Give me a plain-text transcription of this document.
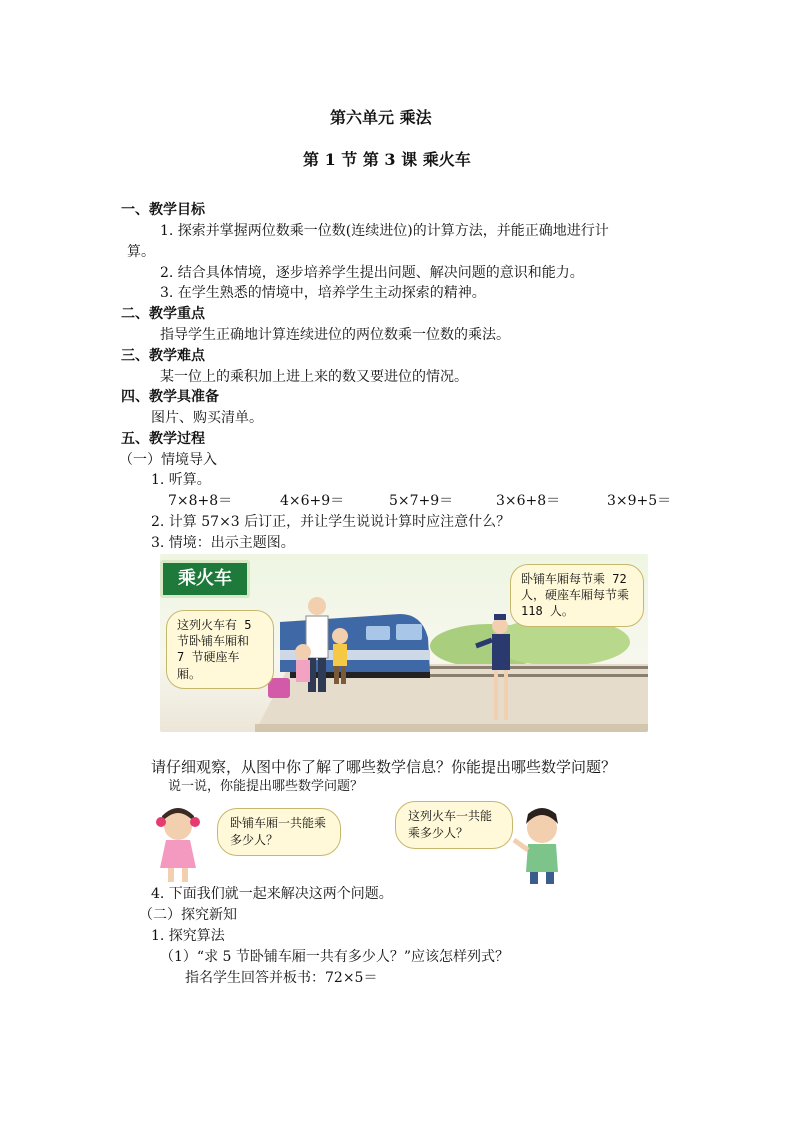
第六单元 乘法
第 1 节 第 3 课 乘火车
一、教学目标
1. 探索并掌握两位数乘一位数(连续进位)的计算方法，并能正确地进行计
算。
2. 结合具体情境，逐步培养学生提出问题、解决问题的意识和能力。
3. 在学生熟悉的情境中，培养学生主动探索的精神。
二、教学重点
指导学生正确地计算连续进位的两位数乘一位数的乘法。
三、教学难点
某一位上的乘积加上进上来的数又要进位的情况。
四、教学具准备
图片、购买清单。
五、教学过程
（一）情境导入
1. 听算。
7×8+8＝	4×6+9＝	5×7+9＝	3×6+8＝	3×9+5＝
2. 计算 57×3 后订正，并让学生说说计算时应注意什么？
3. 情境：出示主题图。
乘火车
这列火车有 5 节卧铺车厢和 7 节硬座车厢。
卧铺车厢每节乘 72 人，硬座车厢每节乘 118 人。
请仔细观察，从图中你了解了哪些数学信息？你能提出哪些数学问题？
说一说，你能提出哪些数学问题？
卧铺车厢一共能乘多少人？
这列火车一共能乘多少人？
4. 下面我们就一起来解决这两个问题。
（二）探究新知
1. 探究算法
（1）“求 5 节卧铺车厢一共有多少人？”应该怎样列式？
指名学生回答并板书：72×5＝
